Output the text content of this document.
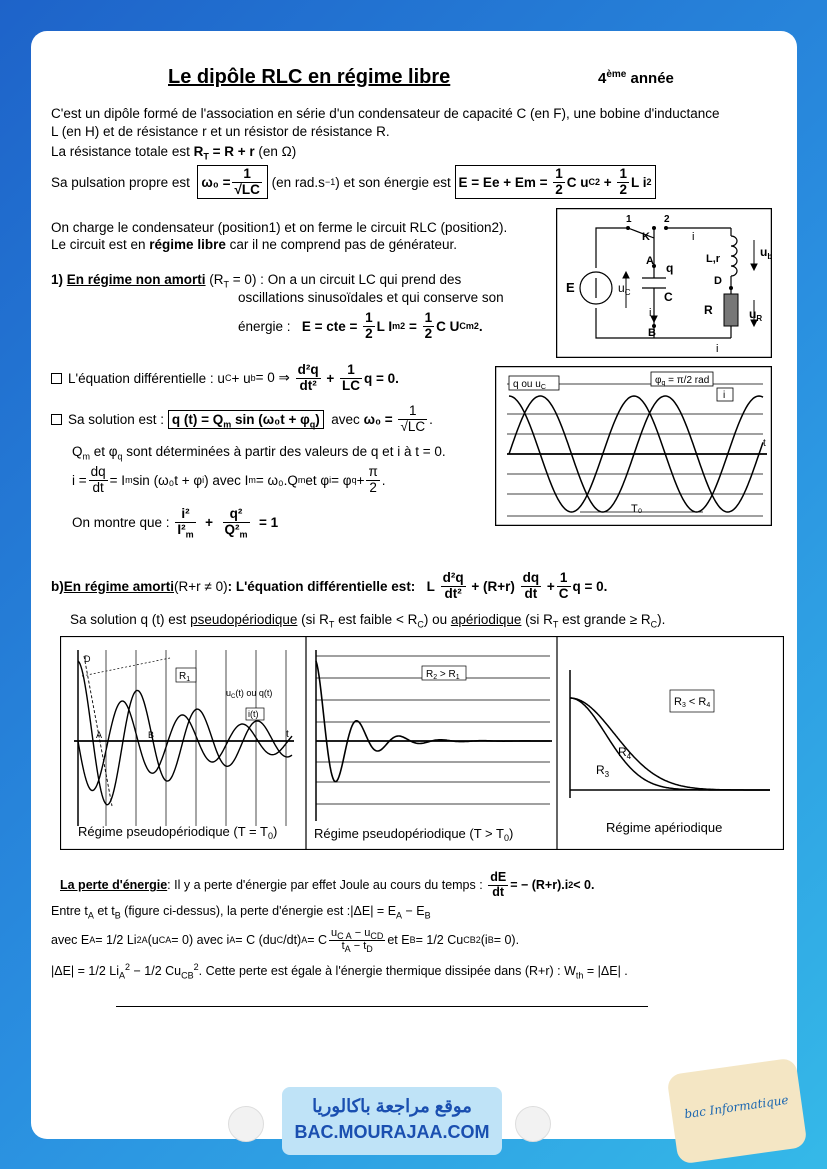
Le dipôle RLC en régime libre	4ème année
C'est un dipôle formé de l'association en série d'un condensateur de capacité C (en F), une bobine d'inductance
L (en H) et de résistance r et un résistor de résistance R.
La résistance totale est $R_T = R + r$ (en Ω)
Sa pulsation propre est
$\omega_0 = \frac{1}{√LC}$
(en rad.s −1 ) et son énergie est
E = Ee + Em =
$\frac{1}{2}$ C u C 2
+
$\frac{1}{2}$ L i 2
On charge le condensateur (position1) et on ferme le circuit RLC (position2).
Le circuit est en régime libre car il ne comprend pas de générateur.
1	2
K	i
A q
$u_C$	C
i
B
L,r	$u_b$
D
R	$u_R$
i
E
1) En régime non amorti $(R_T = 0)$ : On a un circuit LC qui prend des
oscillations sinusoïdales et qui conserve son
énergie :
E = cte =
$\frac{1}{2}$ L I m 2
=
$\frac{1}{2}$ C U Cm 2 .
L'équation différentielle : u C + u b = 0 ⇒
$\frac{\text{d²q}}{\text{dt²}} + \frac{1}{LC}$ q = 0.
Sa solution est :
q $(t) = Q_m$ $\sin (\omega_0t + \varphi_q)$
avec
ω₀ =
$\frac{1}{√LC}$ .
$Q_m$ et $\varphi_q$ sont déterminées à partir des valeurs de q et i à t = 0.
$i = \frac{dq}{dt} = I$ m sin (ω₀t + φ i ) avec I m = ω₀.Q m et φ i = φ $q + \frac{\pi}{2}$ .
On montre que :
$\frac{\text{i²}}{I^2_m}$
+
$\frac{\text{q²}}{Q^2_m}$
= 1
q ou $u_C$
$\varphi_q = \pi/2$ rad
i
t
T₀
b) En régime amorti (R+r ≠ 0) : L'équation différentielle est:
L
$\frac{\text{d²q}}{\text{dt²}}$
+ (R+r)
$\frac{dq}{dt}$
+ $\frac{1}{C}$ q = 0.
Sa solution q (t) est pseudopériodique (si $R_T$ est faible < $R_C$) ou apériodique (si $R_T$ est grande ≥ $R_C$).
$R_1$
$u_C(t)$ ou q(t)
i(t)
A	B
D
t
Régime pseudopériodique $(T = T_0)$
$R_2 > R_1$
Régime pseudopériodique $(T > T_0)$
R3 < R4
$R_4$
$R_3$
Régime apériodique
La perte d'énergie : Il y a perte d'énergie par effet Joule au cours du temps :
$\frac{dE}{dt}$ = − (R+r).i 2 < 0.
Entre $t_A$ et $t_B$ (figure ci-dessus), la perte d'énergie est :|ΔE| = $E_A - E_B$
avec E A = 1/2 Li 2 A (u CA = 0) avec i A = C (du C /dt) A = C $\frac{u_{C A} - u_{CD}}{t_A - t_D}$ et E B = 1/2 Cu CB 2 (i B = 0).
|ΔE| = 1/2 $Li_A^2 - 1/2$ $Cu_{CB}^2$. Cette perte est égale à l'énergie thermique dissipée dans (R+r) : $W_{th} = |\Delta E|$ .
موقع مراجعة باكالوريا
BAC.MOURAJAA.COM
bac Informatique
